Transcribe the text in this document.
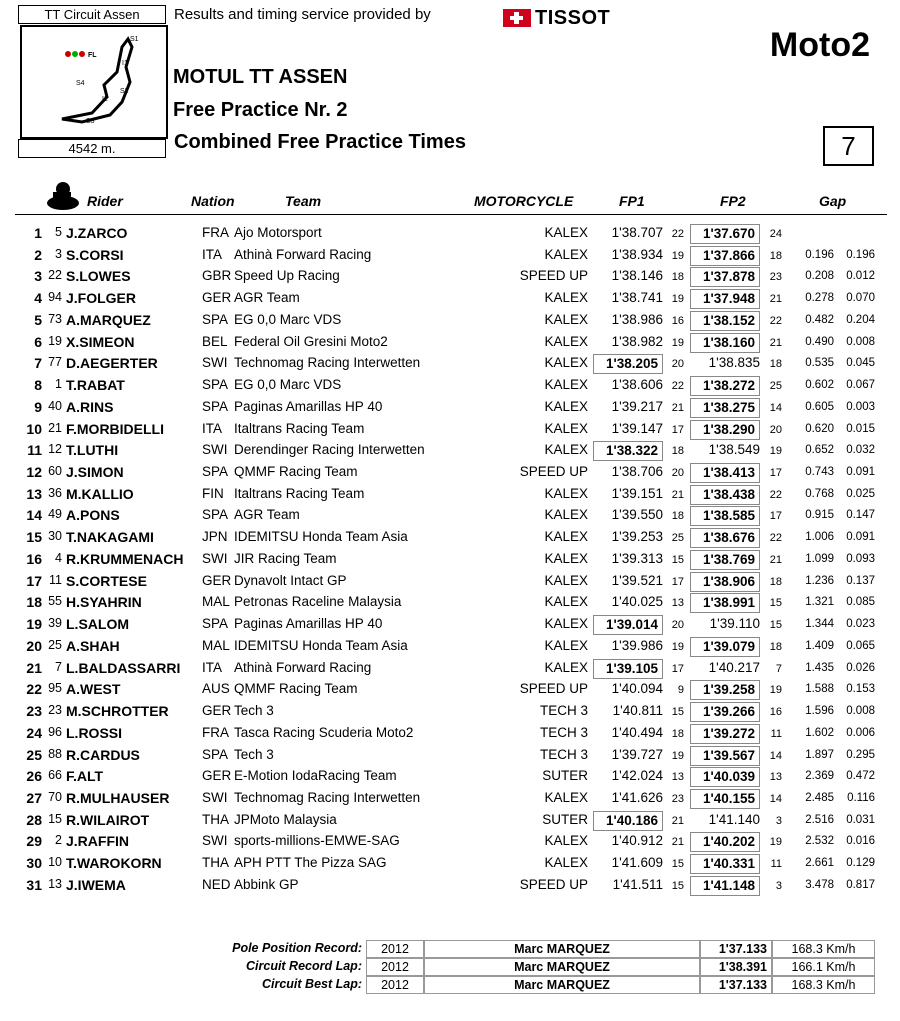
TT Circuit Assen
FL
S1
I1
S2
S3
S4
I2
4542 m.
Results and timing service provided by	TISSOT
Moto2
MOTUL TT ASSEN
Free Practice Nr. 2
Combined Free Practice Times	7
Rider	Nation	Team	MOTORCYCLE	FP1	FP2	Gap
1	5 J.ZARCO	FRA Ajo Motorsport	KALEX	1'38.707 22	1'37.670	24
2	3 S.CORSI	ITA Athinà Forward Racing	KALEX	1'38.934 19	1'37.866	18	0.196	0.196
3 22 S.LOWES	GBR Speed Up Racing	SPEED UP	1'38.146 18	1'37.878	23	0.208	0.012
4 94 J.FOLGER	GER AGR Team	KALEX	1'38.741 19	1'37.948	21	0.278	0.070
5 73 A.MARQUEZ	SPA EG 0,0 Marc VDS	KALEX	1'38.986 16	1'38.152	22	0.482	0.204
6 19 X.SIMEON	BEL Federal Oil Gresini Moto2	KALEX	1'38.982 19	1'38.160	21	0.490	0.008
7 77 D.AEGERTER	SWI Technomag Racing Interwetten	KALEX	1'38.205	20	1'38.835 18	0.535	0.045
8	1 T.RABAT	SPA EG 0,0 Marc VDS	KALEX	1'38.606 22	1'38.272	25	0.602	0.067
9 40 A.RINS	SPA Paginas Amarillas HP 40	KALEX	1'39.217 21	1'38.275	14	0.605	0.003
10 21 F.MORBIDELLI	ITA Italtrans Racing Team	KALEX	1'39.147 17	1'38.290	20	0.620	0.015
11 12 T.LUTHI	SWI Derendinger Racing Interwetten	KALEX	1'38.322	18	1'38.549 19	0.652	0.032
12 60 J.SIMON	SPA QMMF Racing Team	SPEED UP	1'38.706 20	1'38.413	17	0.743	0.091
13 36 M.KALLIO	FIN Italtrans Racing Team	KALEX	1'39.151 21	1'38.438	22	0.768	0.025
14 49 A.PONS	SPA AGR Team	KALEX	1'39.550 18	1'38.585	17	0.915	0.147
15 30 T.NAKAGAMI	JPN IDEMITSU Honda Team Asia	KALEX	1'39.253 25	1'38.676	22	1.006	0.091
16	4 R.KRUMMENACH SWI JIR Racing Team	KALEX	1'39.313 15	1'38.769	21	1.099	0.093
17 11 S.CORTESE	GER Dynavolt Intact GP	KALEX	1'39.521 17	1'38.906	18	1.236	0.137
18 55 H.SYAHRIN	MAL Petronas Raceline Malaysia	KALEX	1'40.025 13	1'38.991	15	1.321	0.085
19 39 L.SALOM	SPA Paginas Amarillas HP 40	KALEX	1'39.014	20	1'39.110 15	1.344	0.023
20 25 A.SHAH	MAL IDEMITSU Honda Team Asia	KALEX	1'39.986 19	1'39.079	18	1.409	0.065
21	7 L.BALDASSARRI ITA Athinà Forward Racing	KALEX	1'39.105	17	1'40.217	7	1.435	0.026
22 95 A.WEST	AUS QMMF Racing Team	SPEED UP	1'40.094	9	1'39.258	19	1.588	0.153
23 23 M.SCHROTTER GER Tech 3	TECH 3	1'40.811 15	1'39.266	16	1.596	0.008
24 96 L.ROSSI	FRA Tasca Racing Scuderia Moto2	TECH 3	1'40.494 18	1'39.272	11	1.602	0.006
25 88 R.CARDUS	SPA Tech 3	TECH 3	1'39.727 19	1'39.567	14	1.897	0.295
26 66 F.ALT	GER E-Motion IodaRacing Team	SUTER	1'42.024 13	1'40.039	13	2.369	0.472
27 70 R.MULHAUSER SWI Technomag Racing Interwetten	KALEX	1'41.626 23	1'40.155	14	2.485	0.116
28 15 R.WILAIROT	THA JPMoto Malaysia	SUTER	1'40.186	21	1'41.140	3	2.516	0.031
29	2 J.RAFFIN	SWI sports-millions-EMWE-SAG	KALEX	1'40.912 21	1'40.202	19	2.532	0.016
30 10 T.WAROKORN	THA APH PTT The Pizza SAG	KALEX	1'41.609 15	1'40.331	11	2.661	0.129
31 13 J.IWEMA	NED Abbink GP	SPEED UP	1'41.511 15	1'41.148	3	3.478	0.817
Pole Position Record:	2012	Marc MARQUEZ	1'37.133	168.3 Km/h
Circuit Record Lap:	2012	Marc MARQUEZ	1'38.391	166.1 Km/h
Circuit Best Lap:	2012	Marc MARQUEZ	1'37.133	168.3 Km/h
